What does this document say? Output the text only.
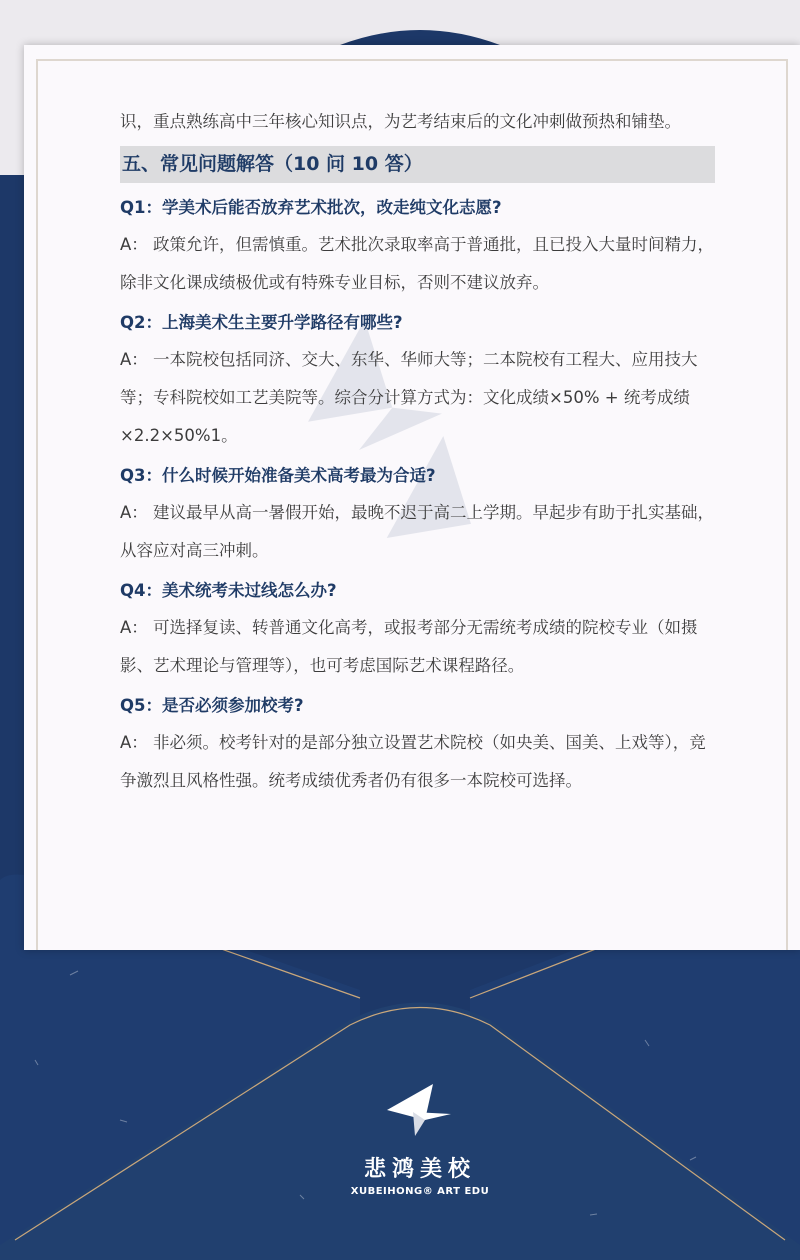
识，重点熟练高中三年核心知识点，为艺考结束后的文化冲刺做预热和铺垫。

五、常见问题解答（10 问 10 答）

Q1：学美术后能否放弃艺术批次，改走纯文化志愿?

A： 政策允许，但需慎重。艺术批次录取率高于普通批，且已投入大量时间精力，除非文化课成绩极优或有特殊专业目标，否则不建议放弃。

Q2：上海美术生主要升学路径有哪些?

A： 一本院校包括同济、交大、东华、华师大等；二本院校有工程大、应用技大等；专科院校如工艺美院等。综合分计算方式为：文化成绩×50% + 统考成绩×2.2×50%1。

Q3：什么时候开始准备美术高考最为合适?

A： 建议最早从高一暑假开始，最晚不迟于高二上学期。早起步有助于扎实基础，从容应对高三冲刺。

Q4：美术统考未过线怎么办?

A： 可选择复读、转普通文化高考，或报考部分无需统考成绩的院校专业（如摄影、艺术理论与管理等），也可考虑国际艺术课程路径。

Q5：是否必须参加校考?

A： 非必须。校考针对的是部分独立设置艺术院校（如央美、国美、上戏等），竞争激烈且风格性强。统考成绩优秀者仍有很多一本院校可选择。

悲鸿美校
XUBEIHONG® ART EDU
